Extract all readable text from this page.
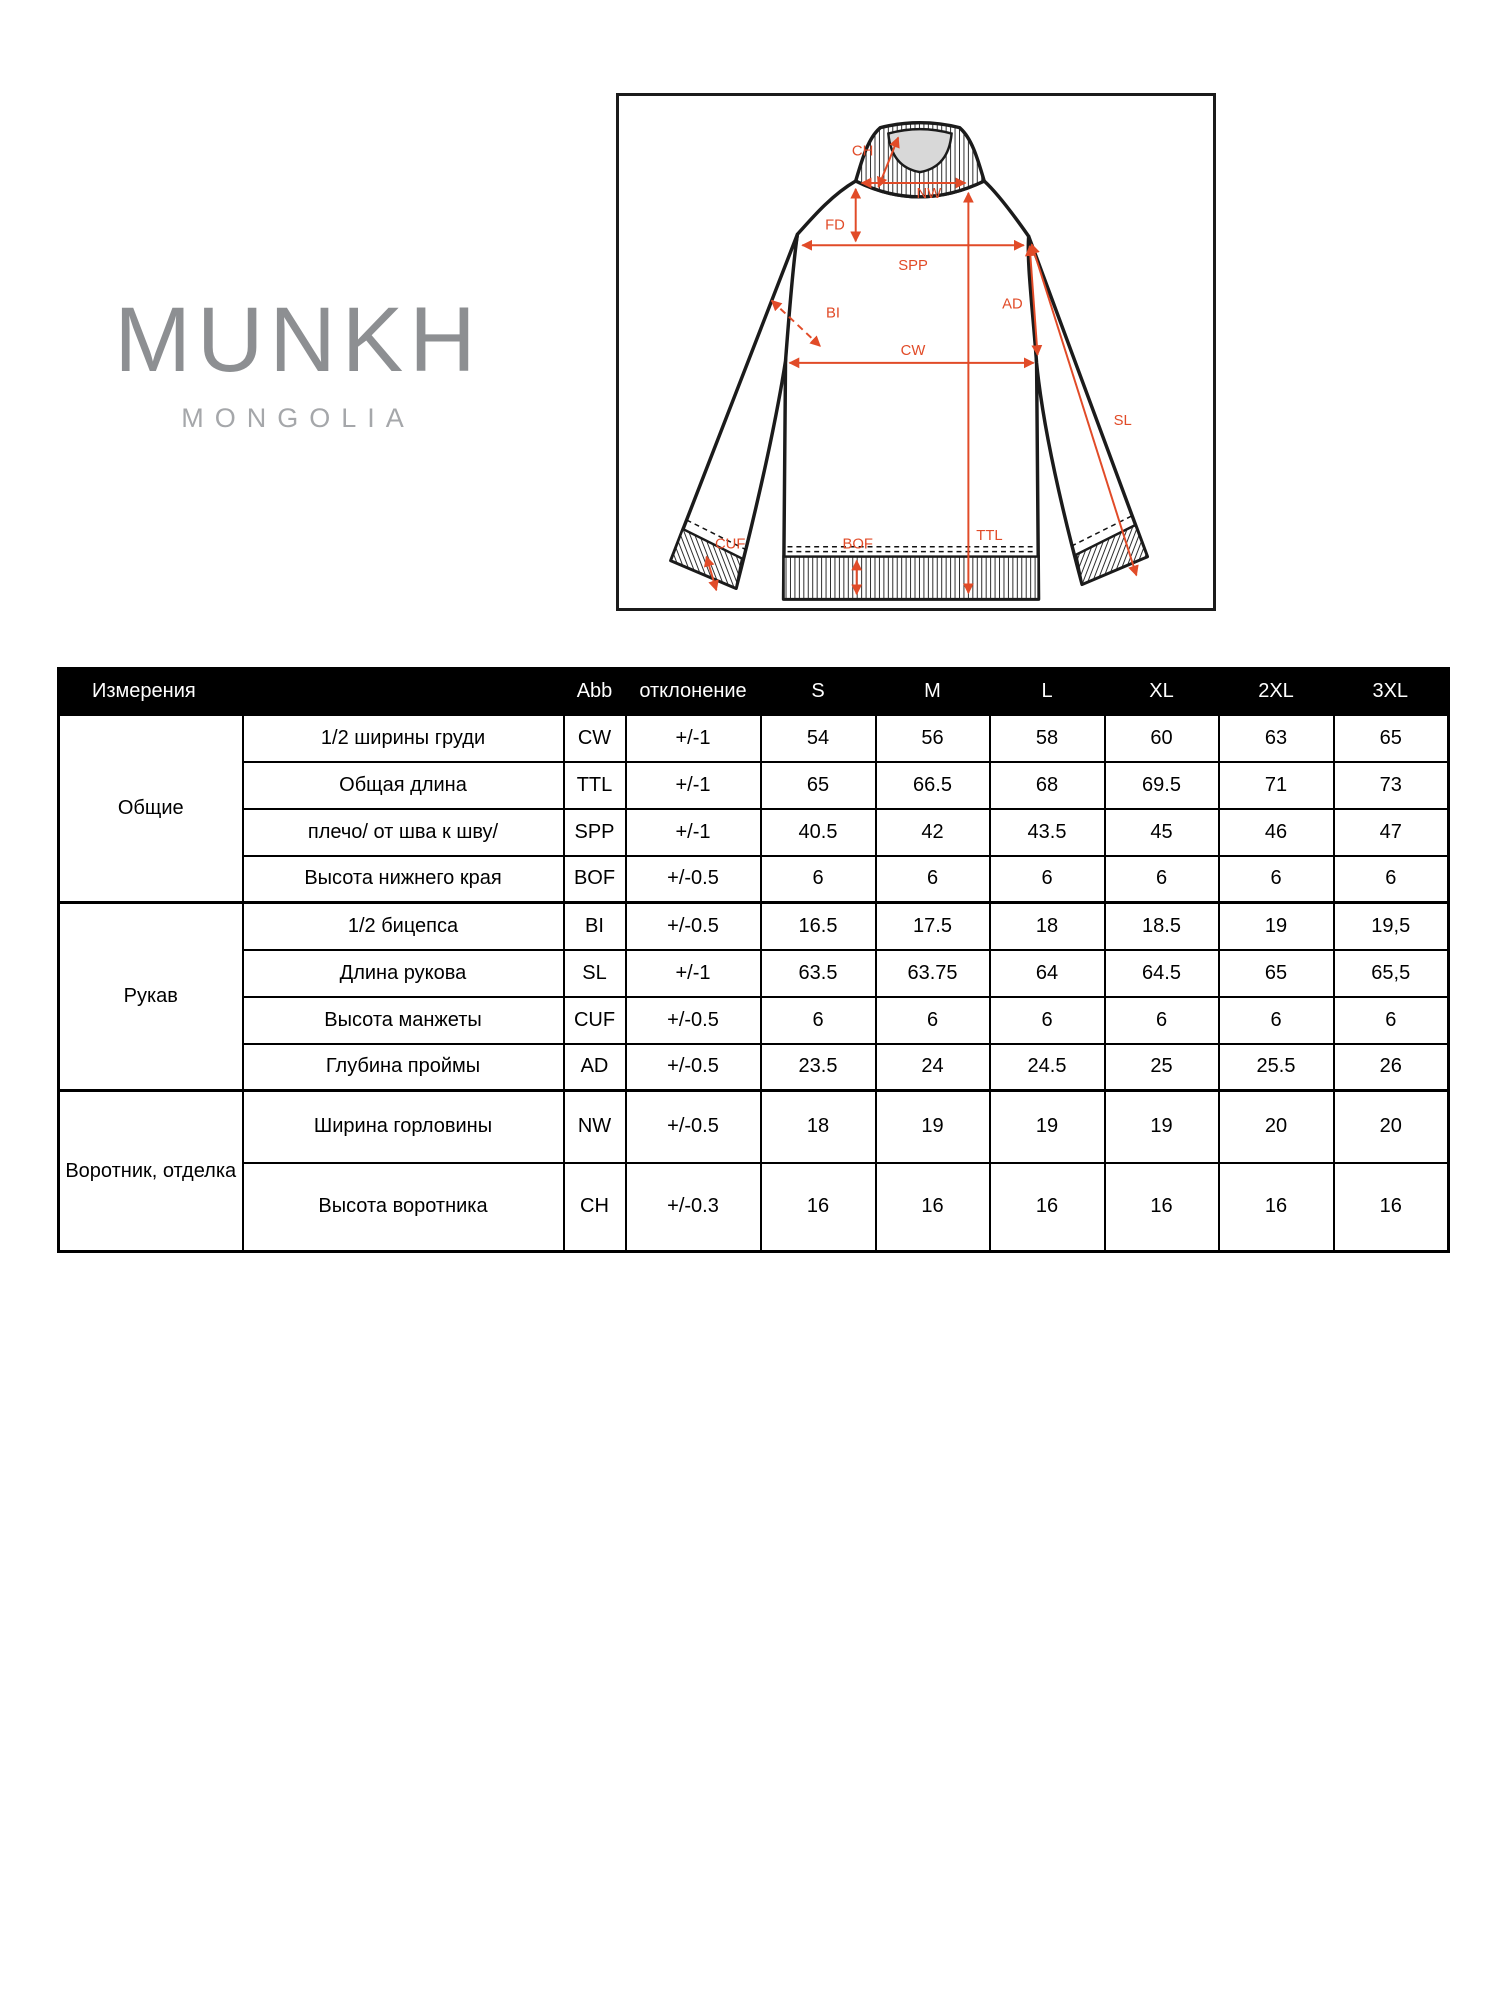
MUNKH
MONGOLIA
CH
NW
FD
SPP
AD
BI
CW
TTL
SL
BOF
CUF
Измерения		Abb	отклонение	S	M	L	XL	2XL	3XL
Общие	1/2 ширины груди	CW	+/-1	54	56	58	60	63	65
	Общая длина	TTL	+/-1	65	66.5	68	69.5	71	73
	плечо/ от шва к шву/	SPP	+/-1	40.5	42	43.5	45	46	47
	Высота нижнего края	BOF	+/-0.5	6	6	6	6	6	6
Рукав	1/2 бицепса	BI	+/-0.5	16.5	17.5	18	18.5	19	19,5
	Длина рукова	SL	+/-1	63.5	63.75	64	64.5	65	65,5
	Высота манжеты	CUF	+/-0.5	6	6	6	6	6	6
	Глубина проймы	AD	+/-0.5	23.5	24	24.5	25	25.5	26
Воротник, отделка	Ширина горловины	NW	+/-0.5	18	19	19	19	20	20
	Высота воротника	CH	+/-0.3	16	16	16	16	16	16
